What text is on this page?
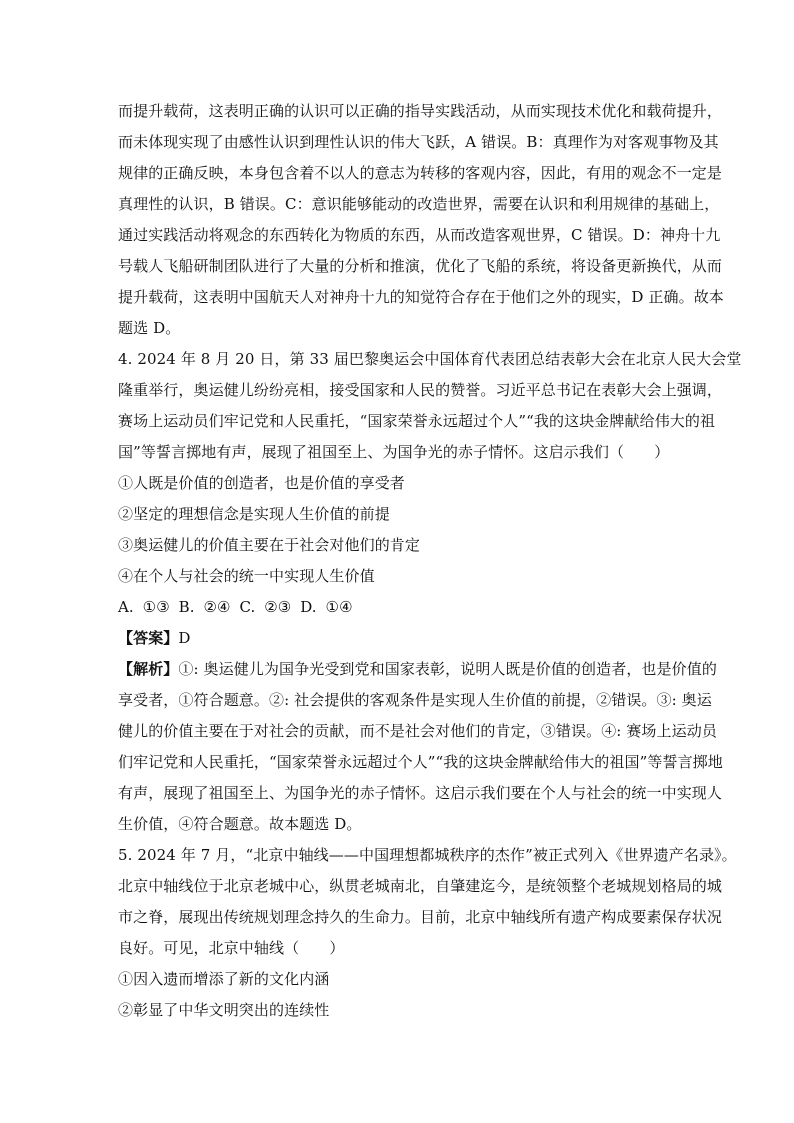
而提升载荷，这表明正确的认识可以正确的指导实践活动，从而实现技术优化和载荷提升，
而未体现实现了由感性认识到理性认识的伟大飞跃，A 错误。B：真理作为对客观事物及其
规律的正确反映，本身包含着不以人的意志为转移的客观内容，因此，有用的观念不一定是
真理性的认识，B 错误。C：意识能够能动的改造世界，需要在认识和利用规律的基础上，
通过实践活动将观念的东西转化为物质的东西，从而改造客观世界，C 错误。D：神舟十九
号载人飞船研制团队进行了大量的分析和推演，优化了飞船的系统，将设备更新换代，从而
提升载荷，这表明中国航天人对神舟十九的知觉符合存在于他们之外的现实，D 正确。故本
题选 D。
4. 2024 年 8 月 20 日，第 33 届巴黎奥运会中国体育代表团总结表彰大会在北京人民大会堂
隆重举行，奥运健儿纷纷亮相，接受国家和人民的赞誉。习近平总书记在表彰大会上强调，
赛场上运动员们牢记党和人民重托，“国家荣誉永远超过个人”“我的这块金牌献给伟大的祖
国”等誓言掷地有声，展现了祖国至上、为国争光的赤子情怀。这启示我们（　　）
①人既是价值的创造者，也是价值的享受者
②坚定的理想信念是实现人生价值的前提
③奥运健儿的价值主要在于社会对他们的肯定
④在个人与社会的统一中实现人生价值
A. ①③ B. ②④ C. ②③ D. ①④
【答案】D
【解析】①: 奥运健儿为国争光受到党和国家表彰，说明人既是价值的创造者，也是价值的
享受者，①符合题意。②: 社会提供的客观条件是实现人生价值的前提，②错误。③: 奥运
健儿的价值主要在于对社会的贡献，而不是社会对他们的肯定，③错误。④: 赛场上运动员
们牢记党和人民重托，“国家荣誉永远超过个人”“我的这块金牌献给伟大的祖国”等誓言掷地
有声，展现了祖国至上、为国争光的赤子情怀。这启示我们要在个人与社会的统一中实现人
生价值，④符合题意。故本题选 D。
5. 2024 年 7 月，“北京中轴线——中国理想都城秩序的杰作”被正式列入《世界遗产名录》。
北京中轴线位于北京老城中心，纵贯老城南北，自肇建迄今，是统领整个老城规划格局的城
市之脊，展现出传统规划理念持久的生命力。目前，北京中轴线所有遗产构成要素保存状况
良好。可见，北京中轴线（　　）
①因入遗而增添了新的文化内涵
②彰显了中华文明突出的连续性
